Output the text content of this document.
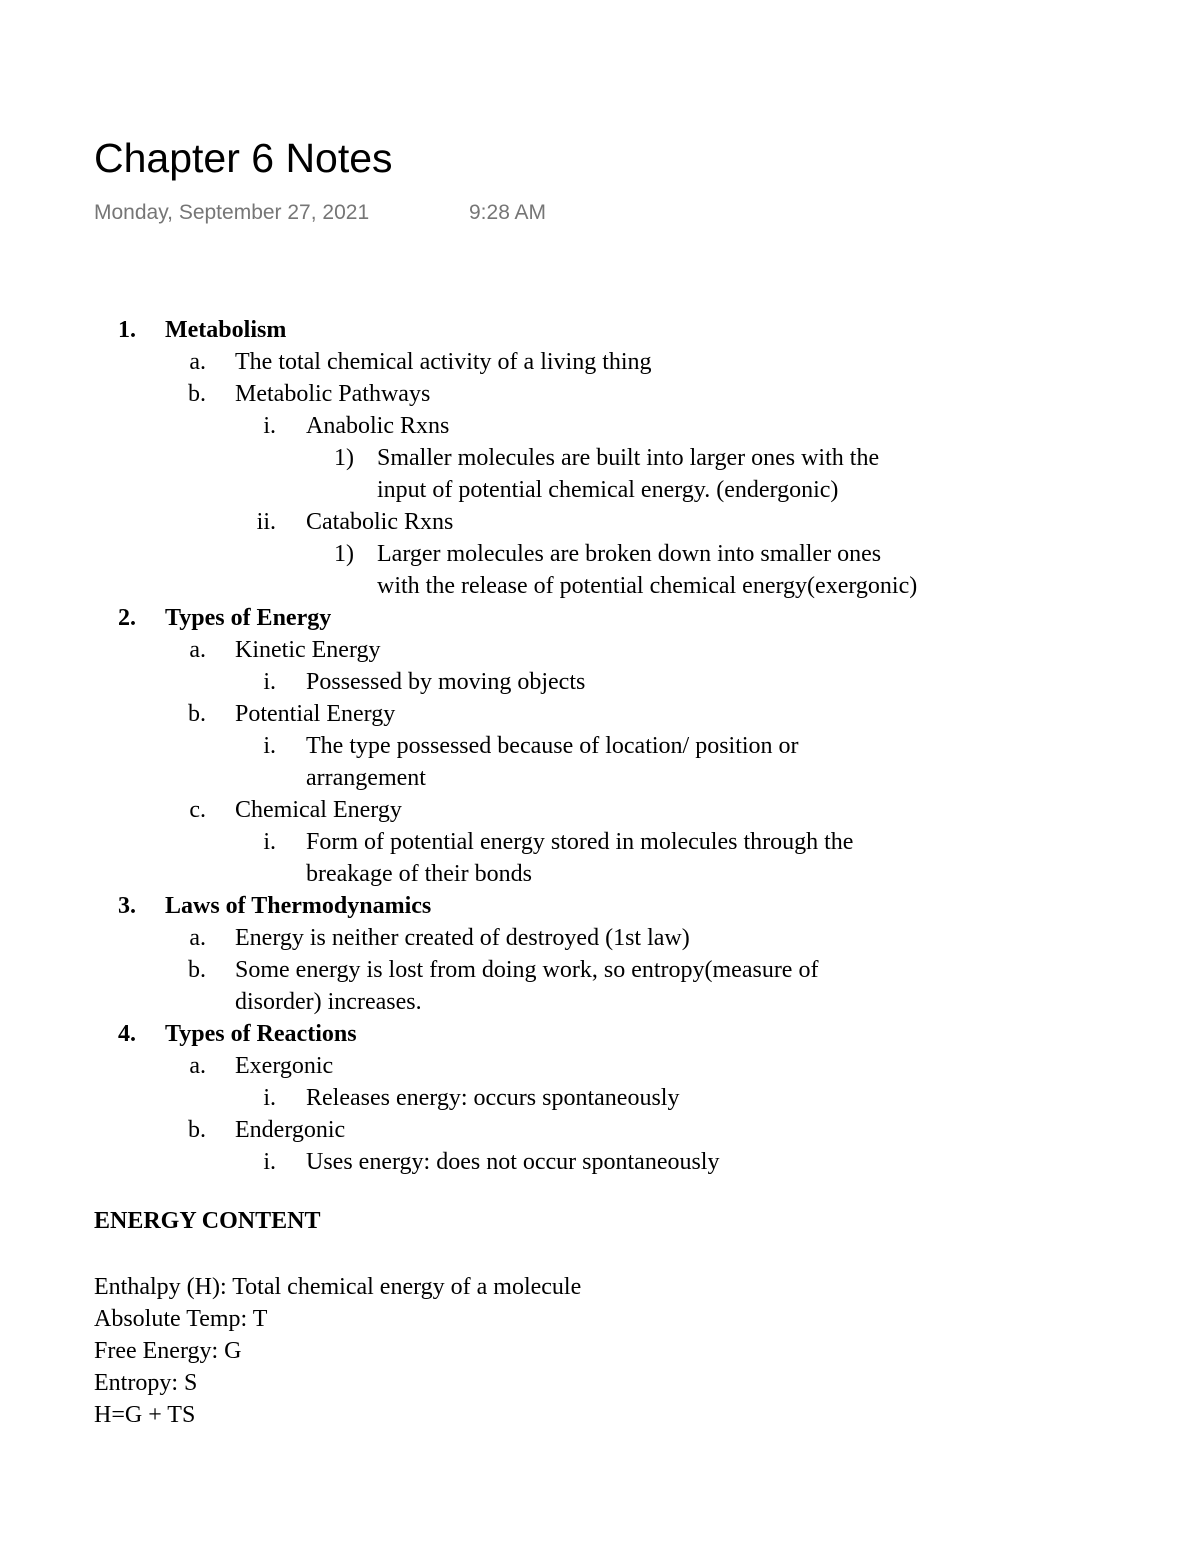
Chapter 6 Notes
Monday, September 27, 2021	9:28 AM
1. Metabolism
a. The total chemical activity of a living thing
b. Metabolic Pathways
i. Anabolic Rxns
1) Smaller molecules are built into larger ones with the
input of potential chemical energy. (endergonic)
ii. Catabolic Rxns
1) Larger molecules are broken down into smaller ones
with the release of potential chemical energy(exergonic)
2. Types of Energy
a. Kinetic Energy
i. Possessed by moving objects
b. Potential Energy
i. The type possessed because of location/ position or
arrangement
c. Chemical Energy
i. Form of potential energy stored in molecules through the
breakage of their bonds
3. Laws of Thermodynamics
a. Energy is neither created of destroyed (1st law)
b. Some energy is lost from doing work, so entropy(measure of
disorder) increases.
4. Types of Reactions
a. Exergonic
i. Releases energy: occurs spontaneously
b. Endergonic
i. Uses energy: does not occur spontaneously
ENERGY CONTENT
Enthalpy (H): Total chemical energy of a molecule
Absolute Temp: T
Free Energy: G
Entropy: S
H=G + TS
